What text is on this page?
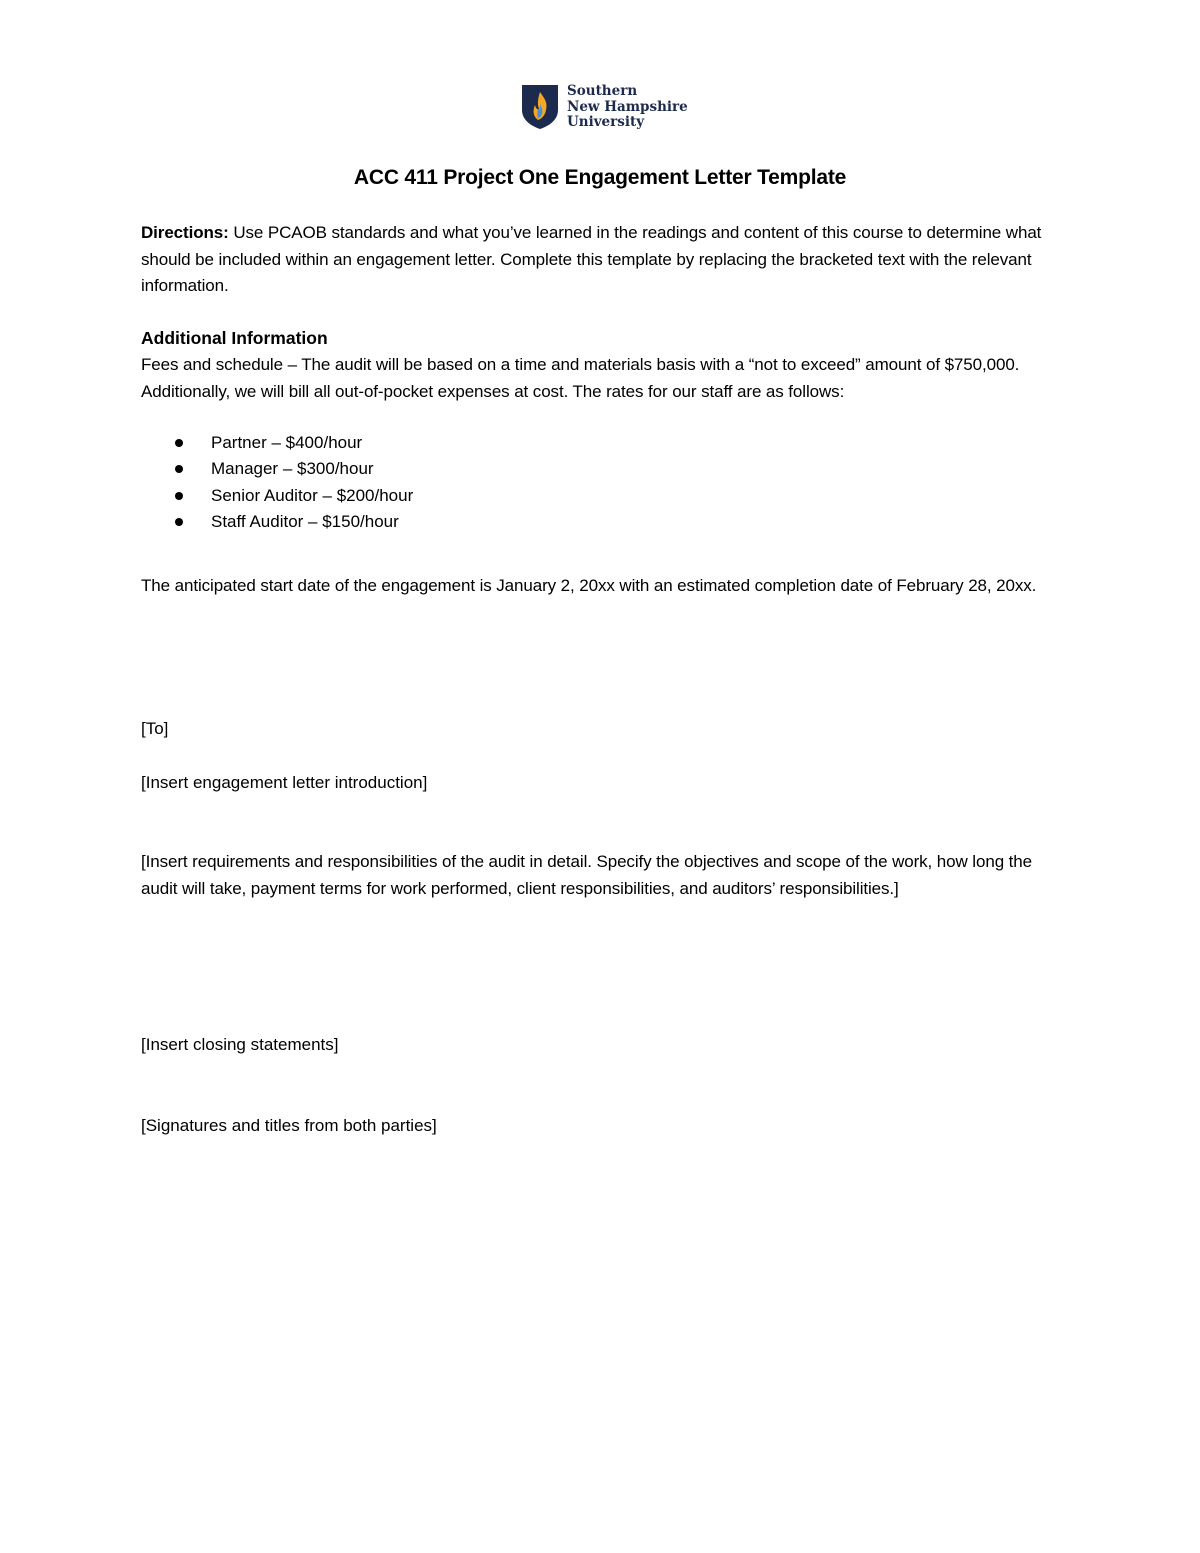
Southern
New Hampshire
University
ACC 411 Project One Engagement Letter Template
Directions: Use PCAOB standards and what you’ve learned in the readings and content of this course to determine what should be included within an engagement letter. Complete this template by replacing the bracketed text with the relevant information.
Additional Information
Fees and schedule – The audit will be based on a time and materials basis with a “not to exceed” amount of $750,000. Additionally, we will bill all out-of-pocket expenses at cost. The rates for our staff are as follows:
Partner – $400/hour
Manager – $300/hour
Senior Auditor – $200/hour
Staff Auditor – $150/hour
The anticipated start date of the engagement is January 2, 20xx with an estimated completion date of February 28, 20xx.
[To]
[Insert engagement letter introduction]
[Insert requirements and responsibilities of the audit in detail. Specify the objectives and scope of the work, how long the audit will take, payment terms for work performed, client responsibilities, and auditors’ responsibilities.]
[Insert closing statements]
[Signatures and titles from both parties]
